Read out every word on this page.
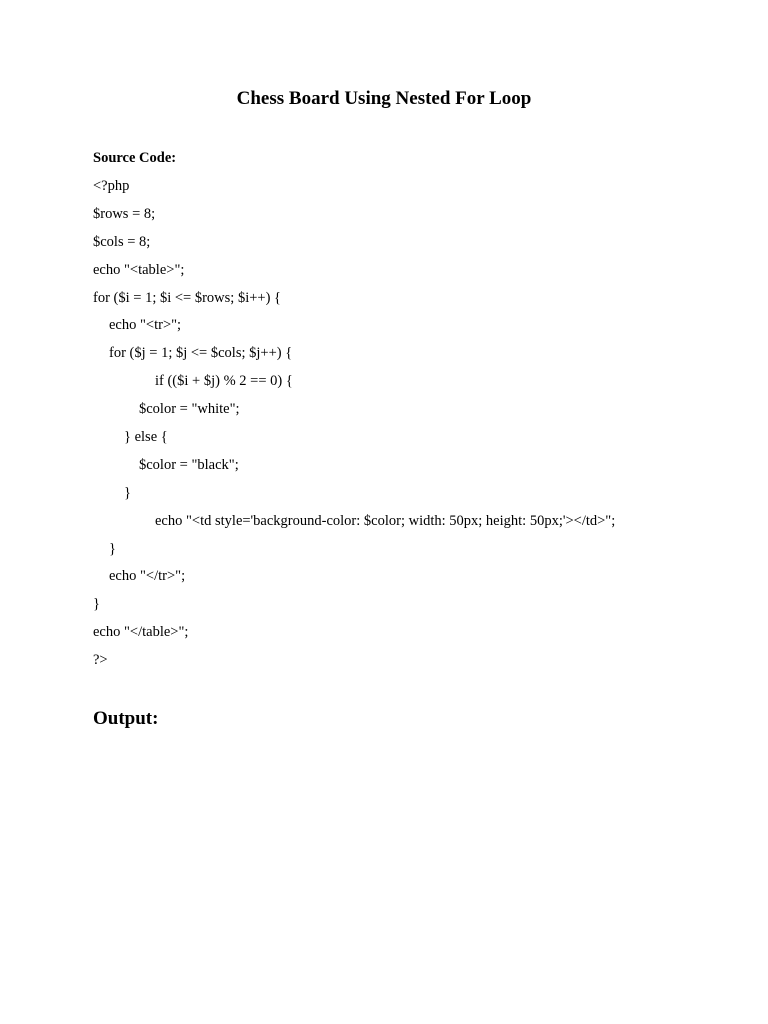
Chess Board Using Nested For Loop
Source Code:
<?php
$rows = 8;
$cols = 8;
echo "<table>";
for ($i = 1; $i <= $rows; $i++) {
echo "<tr>";
for ($j = 1; $j <= $cols; $j++) {
if (($i + $j) % 2 == 0) {
$color = "white";
} else {
$color = "black";
}
echo "<td style='background-color: $color; width: 50px; height: 50px;'></td>";
}
echo "</tr>";
}
echo "</table>";
?>
Output:
